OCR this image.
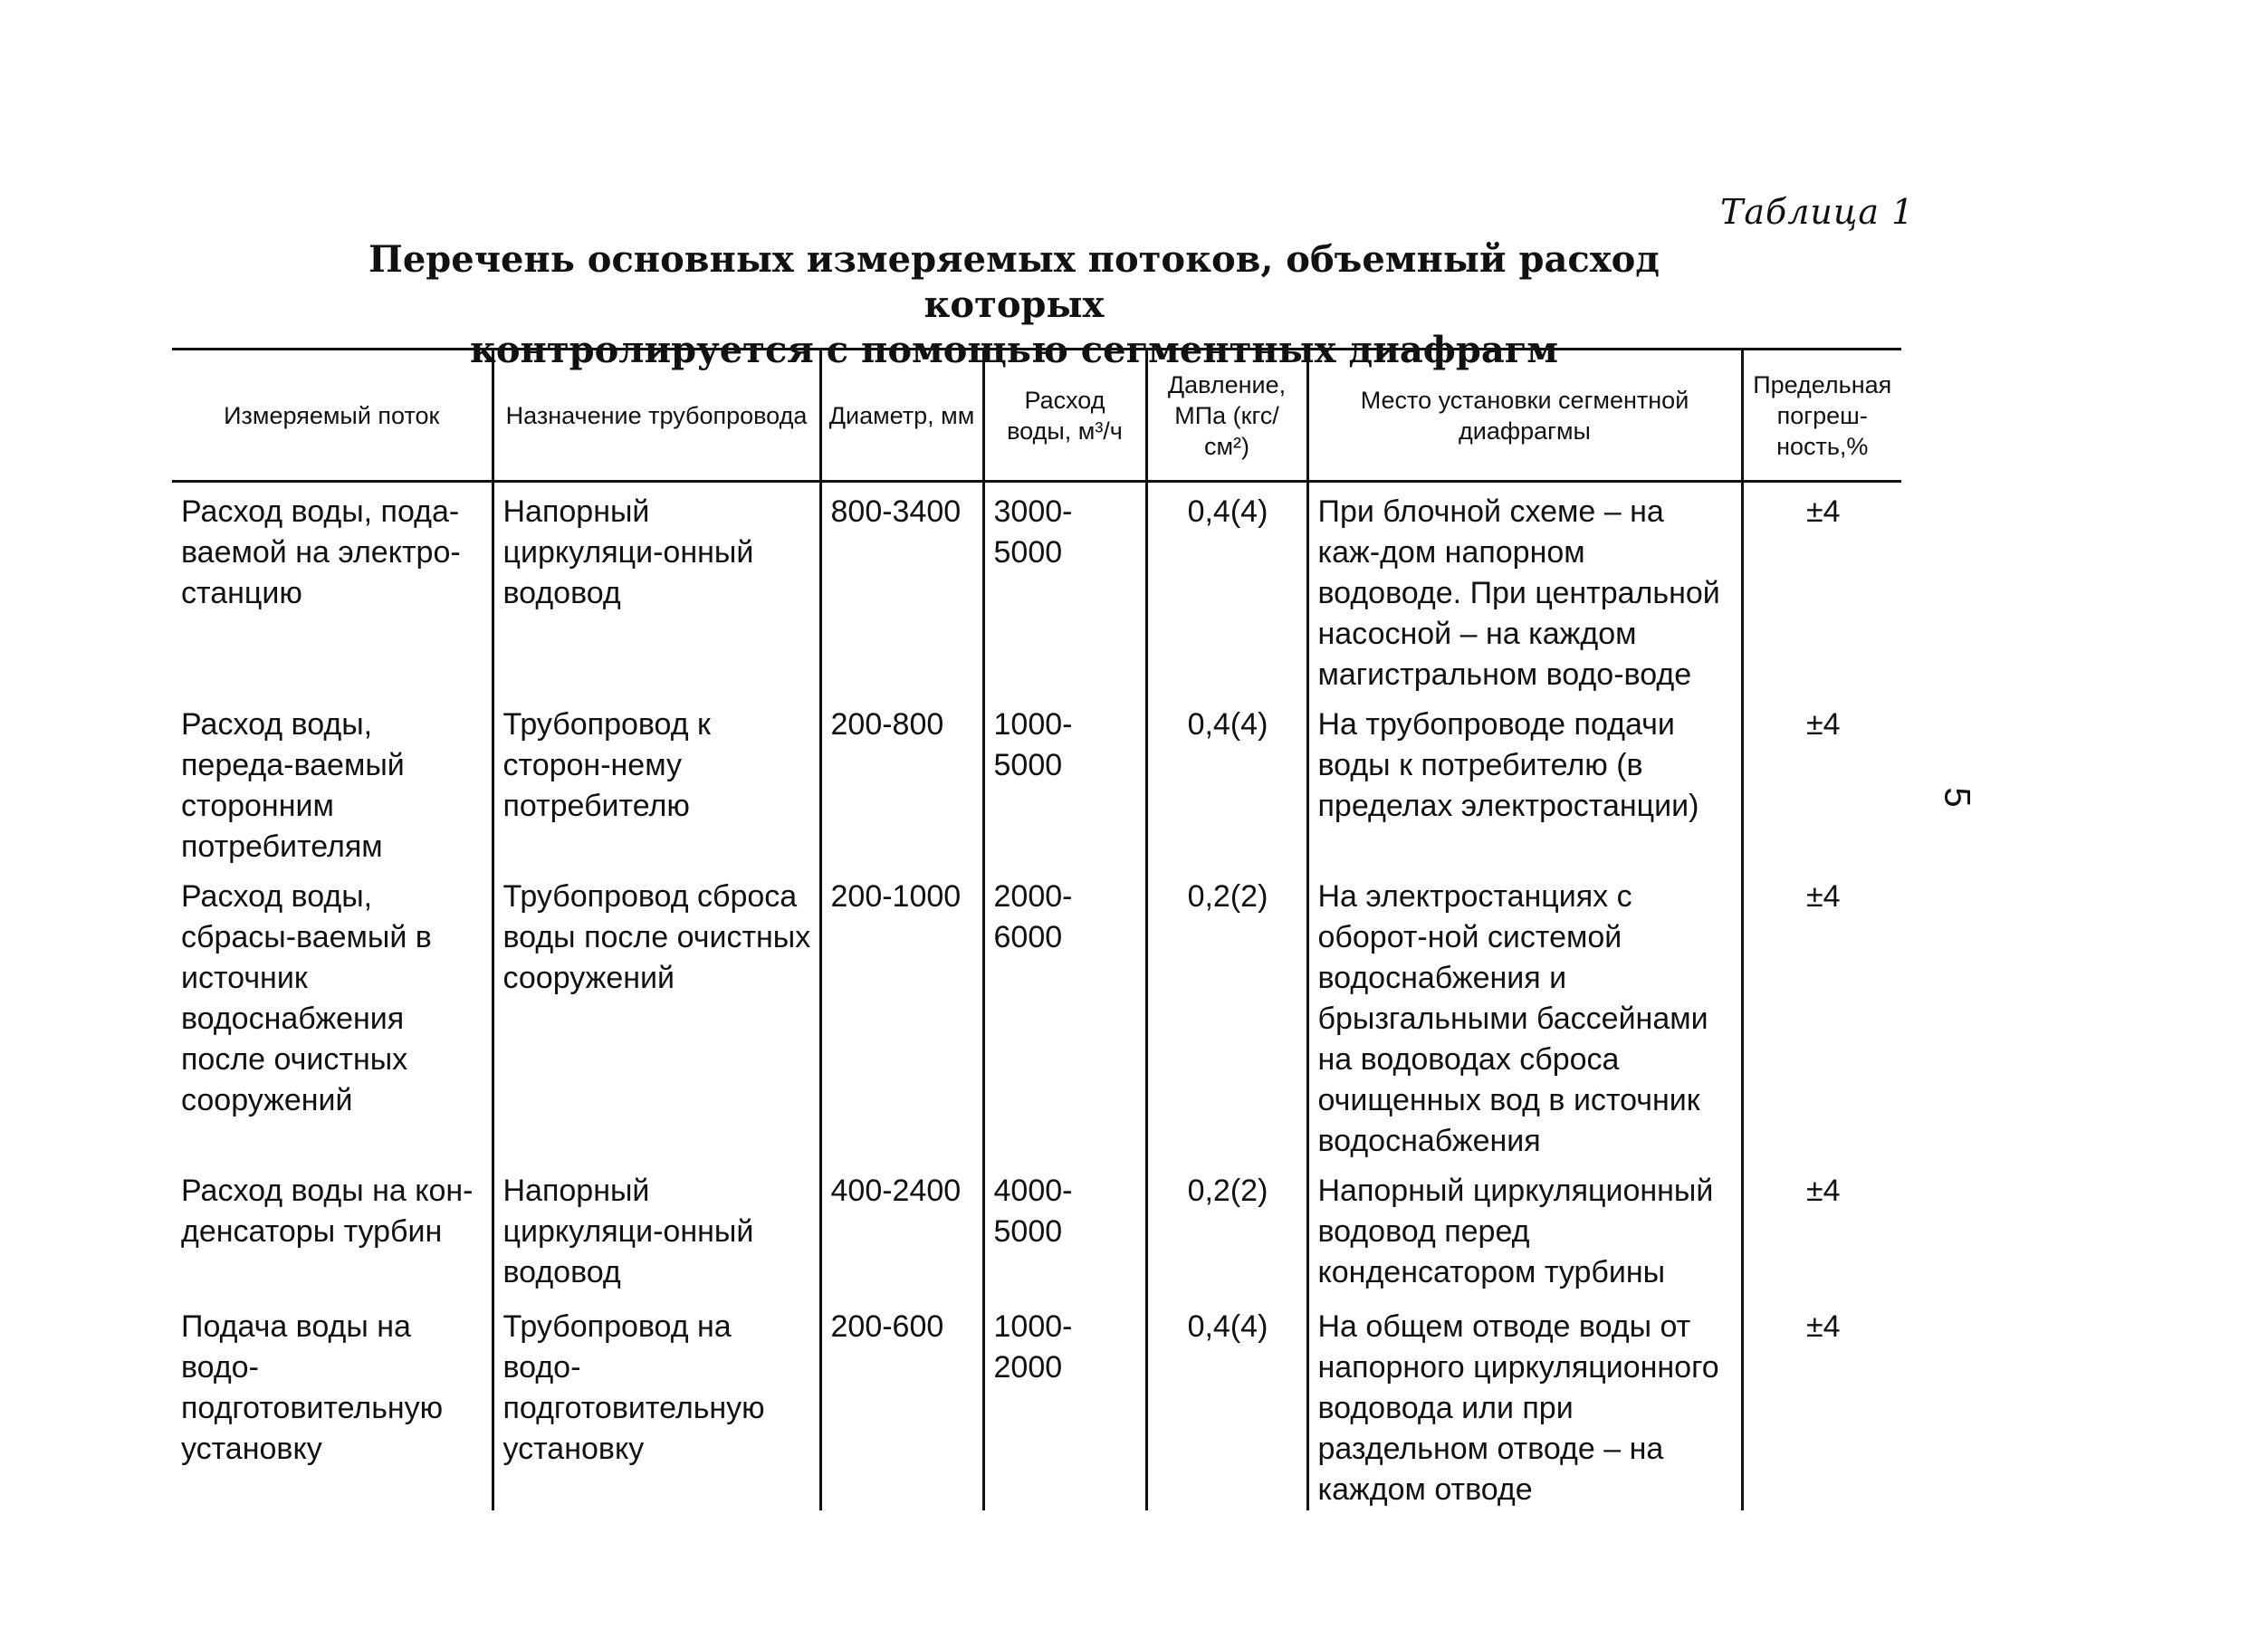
Таблица 1
Перечень основных измеряемых потоков, объемный расход которых
контролируется с помощью сегментных диафрагм
5
Измеряемый поток	Назначение трубопровода	Диаметр, мм	Расход воды, м³/ч	Давление, МПа (кгс/см²)	Место установки сегментной диафрагмы	Предельная погреш-ность,%
Расход воды, пода-ваемой на электро-станцию	Напорный циркуляци-онный водовод	800-3400	3000-5000	0,4(4)	При блочной схеме – на каж-дом напорном водоводе. При центральной насосной – на каждом магистральном водо-воде	±4
Расход воды, переда-ваемый сторонним потребителям	Трубопровод к сторон-нему потребителю	200-800	1000-5000	0,4(4)	На трубопроводе подачи воды к потребителю (в пределах электростанции)	±4
Расход воды, сбрасы-ваемый в источник водоснабжения после очистных сооружений	Трубопровод сброса воды после очистных сооружений	200-1000	2000-6000	0,2(2)	На электростанциях с оборот-ной системой водоснабжения и брызгальными бассейнами на водоводах сброса очищенных вод в источник водоснабжения	±4
Расход воды на кон-денсаторы турбин	Напорный циркуляци-онный водовод	400-2400	4000-5000	0,2(2)	Напорный циркуляционный водовод перед конденсатором турбины	±4
Подача воды на водо-подготовительную установку	Трубопровод на водо-подготовительную установку	200-600	1000-2000	0,4(4)	На общем отводе воды от напорного циркуляционного водовода или при раздельном отводе – на каждом отводе	±4
